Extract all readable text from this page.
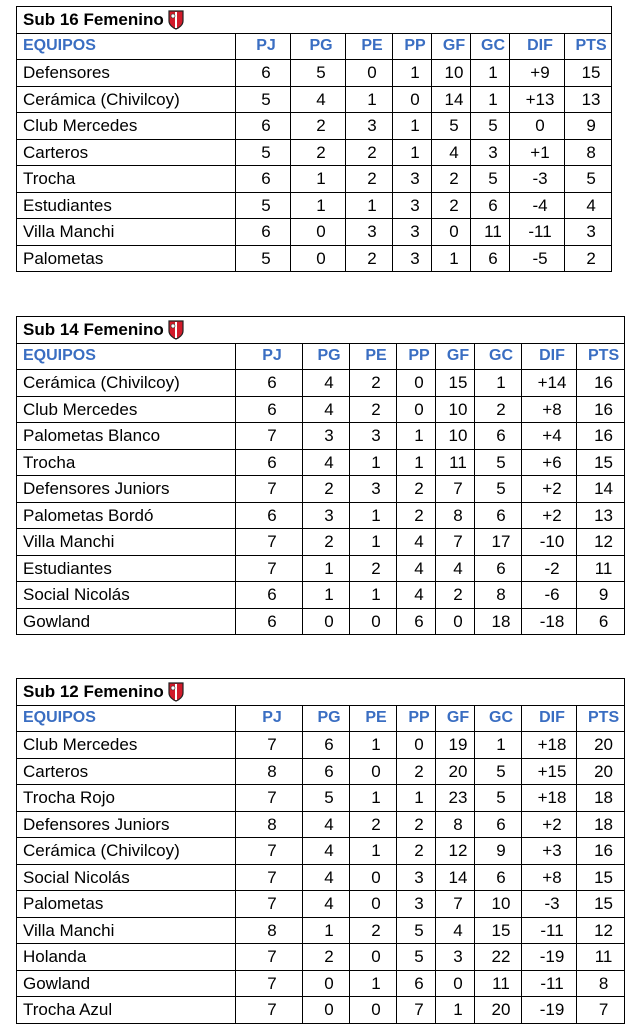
Sub 16 Femenino								

EQUIPOS	PJ	PG	PE	PP	GF	GC	DIF	PTS
Defensores	6	5	0	1	10	1	+9	15
Cerámica (Chivilcoy)	5	4	1	0	14	1	+13	13
Club Mercedes	6	2	3	1	5	5	0	9
Carteros	5	2	2	1	4	3	+1	8
Trocha	6	1	2	3	2	5	-3	5
Estudiantes	5	1	1	3	2	6	-4	4
Villa Manchi	6	0	3	3	0	11	-11	3
Palometas	5	0	2	3	1	6	-5	2
Sub 14 Femenino								

EQUIPOS	PJ	PG	PE	PP	GF	GC	DIF	PTS
Cerámica (Chivilcoy)	6	4	2	0	15	1	+14	16
Club Mercedes	6	4	2	0	10	2	+8	16
Palometas Blanco	7	3	3	1	10	6	+4	16
Trocha	6	4	1	1	11	5	+6	15
Defensores Juniors	7	2	3	2	7	5	+2	14
Palometas Bordó	6	3	1	2	8	6	+2	13
Villa Manchi	7	2	1	4	7	17	-10	12
Estudiantes	7	1	2	4	4	6	-2	11
Social Nicolás	6	1	1	4	2	8	-6	9
Gowland	6	0	0	6	0	18	-18	6
Sub 12 Femenino								

EQUIPOS	PJ	PG	PE	PP	GF	GC	DIF	PTS
Club Mercedes	7	6	1	0	19	1	+18	20
Carteros	8	6	0	2	20	5	+15	20
Trocha Rojo	7	5	1	1	23	5	+18	18
Defensores Juniors	8	4	2	2	8	6	+2	18
Cerámica (Chivilcoy)	7	4	1	2	12	9	+3	16
Social Nicolás	7	4	0	3	14	6	+8	15
Palometas	7	4	0	3	7	10	-3	15
Villa Manchi	8	1	2	5	4	15	-11	12
Holanda	7	2	0	5	3	22	-19	11
Gowland	7	0	1	6	0	11	-11	8
Trocha Azul	7	0	0	7	1	20	-19	7
